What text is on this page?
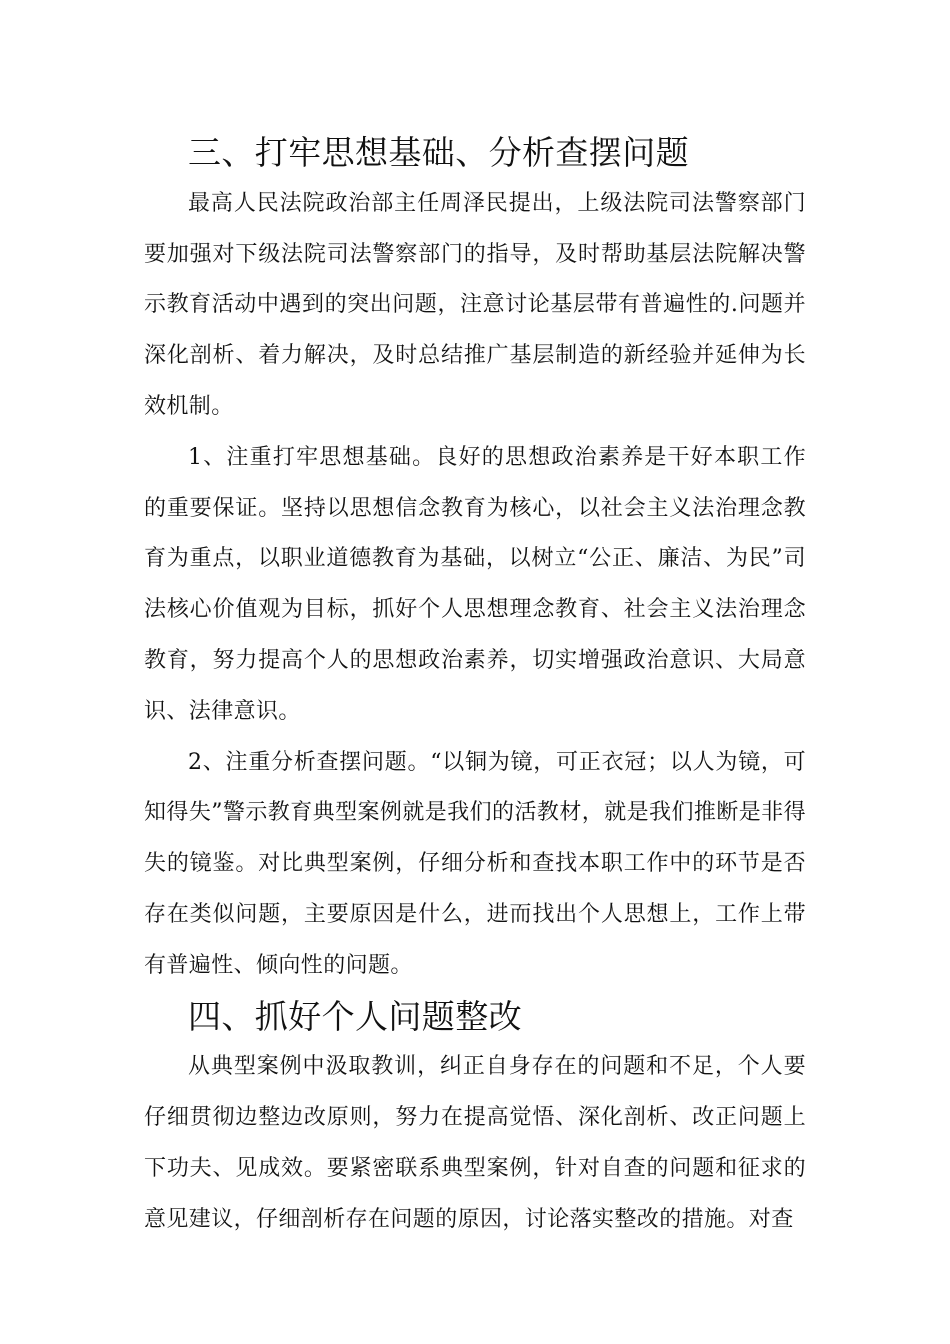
三、打牢思想基础、分析查摆问题

最高人民法院政治部主任周泽民提出，上级法院司法警察部门要加强对下级法院司法警察部门的指导，及时帮助基层法院解决警示教育活动中遇到的突出问题，注意讨论基层带有普遍性的.问题并深化剖析、着力解决，及时总结推广基层制造的新经验并延伸为长效机制。

1、注重打牢思想基础。良好的思想政治素养是干好本职工作的重要保证。坚持以思想信念教育为核心，以社会主义法治理念教育为重点，以职业道德教育为基础，以树立“公正、廉洁、为民”司法核心价值观为目标，抓好个人思想理念教育、社会主义法治理念教育，努力提高个人的思想政治素养，切实增强政治意识、大局意识、法律意识。

2、注重分析查摆问题。“以铜为镜，可正衣冠；以人为镜，可知得失”警示教育典型案例就是我们的活教材，就是我们推断是非得失的镜鉴。对比典型案例，仔细分析和查找本职工作中的环节是否存在类似问题，主要原因是什么，进而找出个人思想上，工作上带有普遍性、倾向性的问题。

四、抓好个人问题整改

从典型案例中汲取教训，纠正自身存在的问题和不足，个人要仔细贯彻边整边改原则，努力在提高觉悟、深化剖析、改正问题上下功夫、见成效。要紧密联系典型案例，针对自查的问题和征求的意见建议，仔细剖析存在问题的原因，讨论落实整改的措施。对查
